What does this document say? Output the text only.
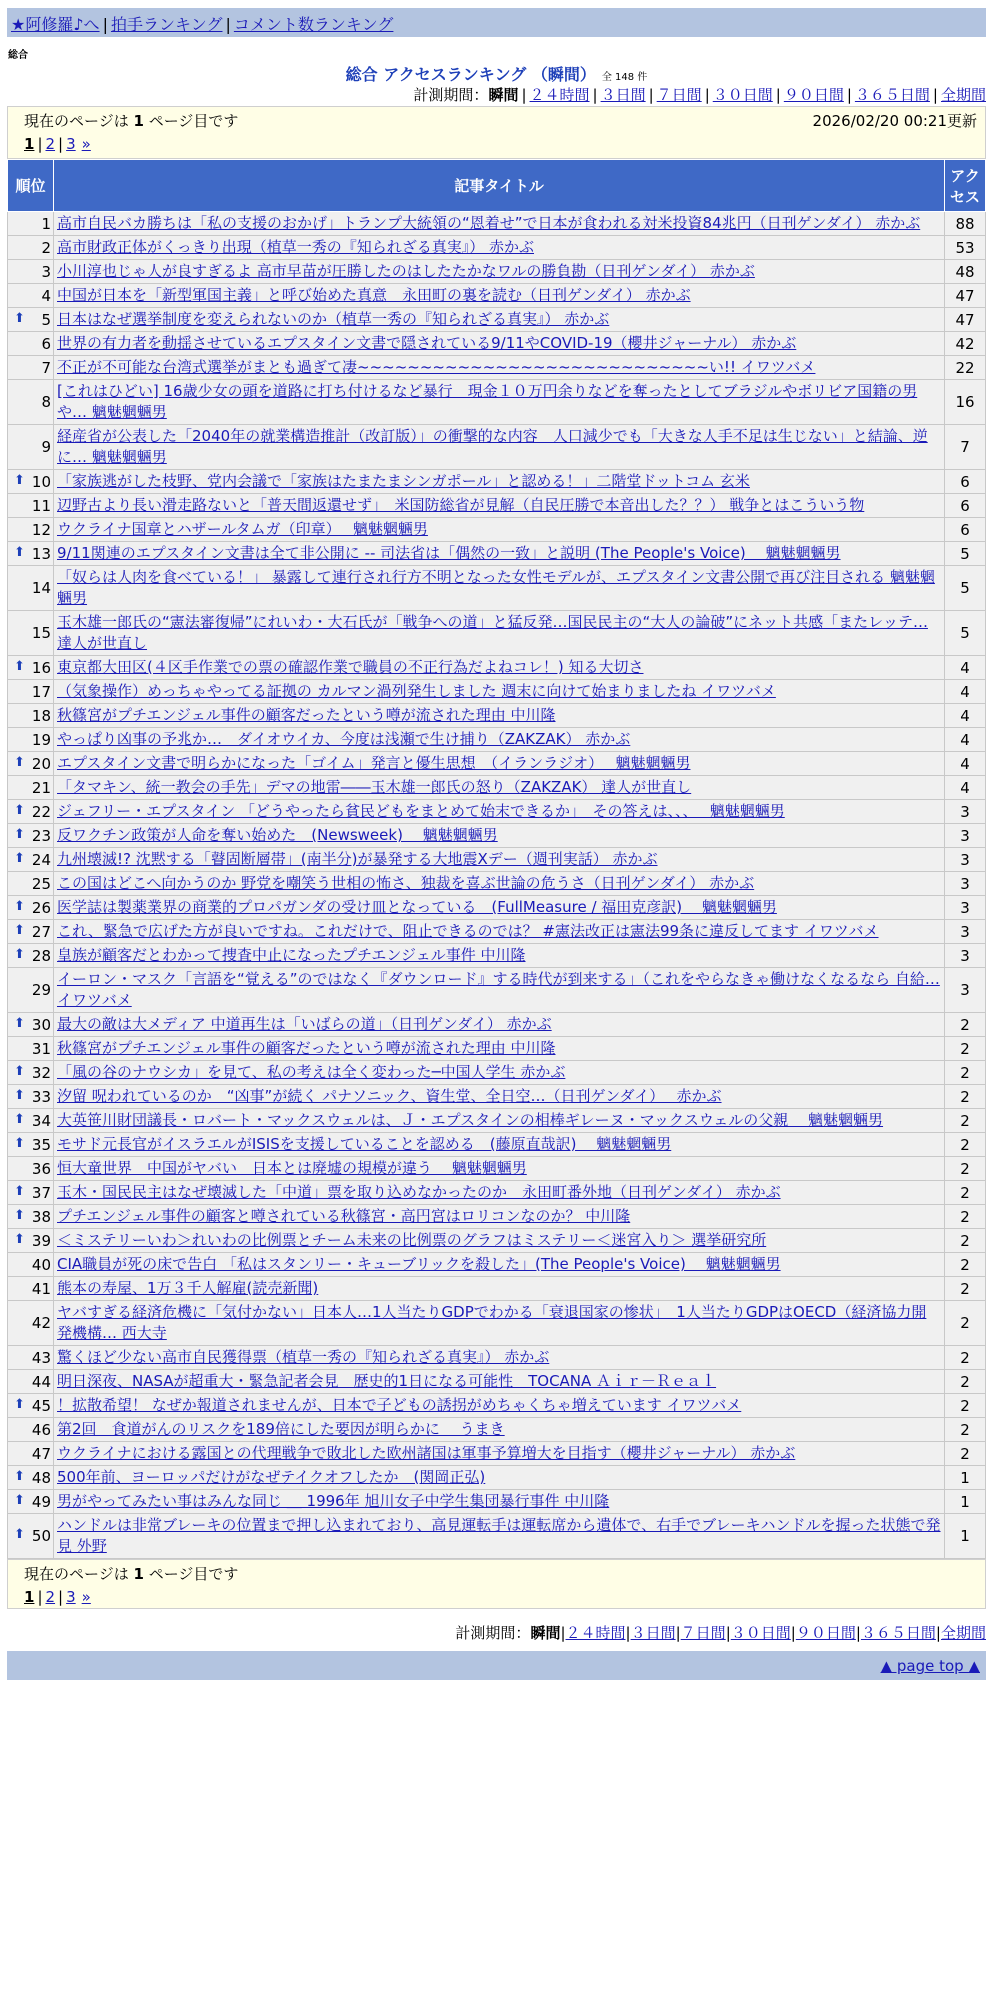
★阿修羅♪へ | 拍手ランキング | コメント数ランキング
総合
総合 アクセスランキング （瞬間） 全 148 件
計測期間：瞬間 | ２４時間 | ３日間 | ７日間 | ３０日間 | ９０日間 | ３６５日間 | 全期間
現在のページは 1 ページ目です	2026/02/20 00:21更新
1 | 2 | 3 »
順位	記事タイトル	アクセス
1	高市自民バカ勝ちは「私の支援のおかげ」トランプ大統領の“恩着せ”で日本が食われる対米投資84兆円（日刊ゲンダイ） 赤かぶ	88
2	高市財政正体がくっきり出現（植草一秀の『知られざる真実』） 赤かぶ	53
3	小川淳也じゃ人が良すぎるよ 高市早苗が圧勝したのはしたたかなワルの勝負勘（日刊ゲンダイ） 赤かぶ	48
4	中国が日本を「新型軍国主義」と呼び始めた真意　永田町の裏を読む（日刊ゲンダイ） 赤かぶ	47

⬆ 5	日本はなぜ選挙制度を変えられないのか（植草一秀の『知られざる真実』） 赤かぶ	47
6	世界の有力者を動揺させているエプスタイン文書で隠されている9/11やCOVID-19（櫻井ジャーナル） 赤かぶ	42
7	不正が不可能な台湾式選挙がまとも過ぎて凄~~~~~~~~~~~~~~~~~~~~~~~~~~~~い!! イワツバメ	22
8	[これはひどい] 16歳少女の頭を道路に打ち付けるなど暴行　現金１０万円余りなどを奪ったとしてブラジルやボリビア国籍の男や… 魑魅魍魎男	16
9	経産省が公表した「2040年の就業構造推計（改訂版）」の衝撃的な内容　人口減少でも「大きな人手不足は生じない」と結論、逆に… 魑魅魍魎男	7

⬆ 10	「家族逃がした枝野、党内会議で「家族はたまたまシンガポール」と認める！」二階堂ドットコム 玄米	6
11	辺野古より長い滑走路ないと「普天間返還せず」　米国防総省が見解（自民圧勝で本音出した？？） 戦争とはこういう物	6
12	ウクライナ国章とハザールタムガ（印章）　 魑魅魍魎男	6

⬆ 13	9/11関連のエプスタイン文書は全て非公開に -- 司法省は「偶然の一致」と説明 (The People's Voice)　 魑魅魍魎男	5
14	「奴らは人肉を食べている！」 暴露して連行され行方不明となった女性モデルが、エプスタイン文書公開で再び注目される 魑魅魍魎男	5
15	玉木雄一郎氏の“憲法審復帰”にれいわ・大石氏が「戦争への道」と猛反発…国民民主の“大人の論破”にネット共感「またレッテ… 達人が世直し	5

⬆ 16	東京都大田区(４区手作業での票の確認作業で職員の不正行為だよねコレ！) 知る大切さ	4
17	（気象操作）めっちゃやってる証拠の カルマン渦列発生しました 週末に向けて始まりましたね イワツバメ	4
18	秋篠宮がプチエンジェル事件の顧客だったという噂が流された理由 中川隆	4
19	やっぱり凶事の予兆か…　ダイオウイカ、今度は浅瀬で生け捕り（ZAKZAK） 赤かぶ	4

⬆ 20	エプスタイン文書で明らかになった「ゴイム」発言と優生思想　（イランラジオ）　 魑魅魍魎男	4
21	「タマキン、統一教会の手先」デマの地雷――玉木雄一郎氏の怒り（ZAKZAK） 達人が世直し	4

⬆ 22	ジェフリー・エプスタイン 「どうやったら貧民どもをまとめて始末できるか」　その答えは、、、　 魑魅魍魎男	3

⬆ 23	反ワクチン政策が人命を奪い始めた　(Newsweek)　 魑魅魍魎男	3

⬆ 24	九州壊滅!? 沈黙する「瞽固断層帯」(南半分)が暴発する大地震Xデー（週刊実話） 赤かぶ	3
25	この国はどこへ向かうのか 野党を嘲笑う世相の怖さ、独裁を喜ぶ世論の危うさ（日刊ゲンダイ） 赤かぶ	3

⬆ 26	医学誌は製薬業界の商業的プロパガンダの受け皿となっている　(FullMeasure / 福田克彦訳)　 魑魅魍魎男	3

⬆ 27	これ、緊急で広げた方が良いですね。これだけで、阻止できるのでは？ #憲法改正は憲法99条に違反してます イワツバメ	3

⬆ 28	皇族が顧客だとわかって捜査中止になったプチエンジェル事件 中川隆	3
29	イーロン・マスク「言語を“覚える”のではなく『ダウンロード』する時代が到来する」（これをやらなきゃ働けなくなるなら 自給… イワツバメ	3

⬆ 30	最大の敵は大メディア 中道再生は「いばらの道」（日刊ゲンダイ） 赤かぶ	2
31	秋篠宮がプチエンジェル事件の顧客だったという噂が流された理由 中川隆	2

⬆ 32	「風の谷のナウシカ」を見て、私の考えは全く変わった─中国人学生 赤かぶ	2

⬆ 33	汐留 呪われているのか　“凶事”が続く パナソニック、資生堂、全日空…（日刊ゲンダイ）　 赤かぶ	2

⬆ 34	大英笹川財団議長・ロバート・マックスウェルは、Ｊ・エプスタインの相棒ギレーヌ・マックスウェルの父親　 魑魅魍魎男	2

⬆ 35	モサド元長官がイスラエルがISISを支援していることを認める　(藤原直哉訳)　 魑魅魍魎男	2
36	恒大童世界　中国がヤバい　日本とは廃墟の規模が違う　 魑魅魍魎男	2

⬆ 37	玉木・国民民主はなぜ壊滅した「中道」票を取り込めなかったのか　永田町番外地（日刊ゲンダイ） 赤かぶ	2

⬆ 38	プチエンジェル事件の顧客と噂されている秋篠宮・高円宮はロリコンなのか？ 中川隆	2

⬆ 39	＜ミステリーいわ＞れいわの比例票とチーム未来の比例票のグラフはミステリー＜迷宮入り＞ 選挙研究所	2
40	CIA職員が死の床で告白 「私はスタンリー・キューブリックを殺した」(The People's Voice)　 魑魅魍魎男	2
41	熊本の寿屋、1万３千人解雇(読売新聞)	2
42	ヤバすぎる経済危機に「気付かない」日本人…1人当たりGDPでわかる「衰退国家の惨状」　1人当たりGDPはOECD（経済協力開発機構… 西大寺	2
43	驚くほど少ない高市自民獲得票（植草一秀の『知られざる真実』） 赤かぶ	2
44	明日深夜、NASAが超重大・緊急記者会見　歴史的1日になる可能性　TOCANA Ａｉｒ－Ｒｅａｌ	2

⬆ 45	！拡散希望！ なぜか報道されませんが、日本で子どもの誘拐がめちゃくちゃ増えています イワツバメ	2
46	第2回　食道がんのリスクを189倍にした要因が明らかに　 うまき	2
47	ウクライナにおける露国との代理戦争で敗北した欧州諸国は軍事予算増大を目指す（櫻井ジャーナル） 赤かぶ	2

⬆ 48	500年前、ヨーロッパだけがなぜテイクオフしたか　(関岡正弘)	1

⬆ 49	男がやってみたい事はみんな同じ ＿ 1996年 旭川女子中学生集団暴行事件 中川隆	1

⬆ 50	ハンドルは非常ブレーキの位置まで押し込まれており、高見運転手は運転席から遺体で、右手でブレーキハンドルを握った状態で発見 外野	1
現在のページは 1 ページ目です
1 | 2 | 3 »
計測期間：瞬間|２４時間|３日間|７日間|３０日間|９０日間|３６５日間|全期間
▲ page top ▲
